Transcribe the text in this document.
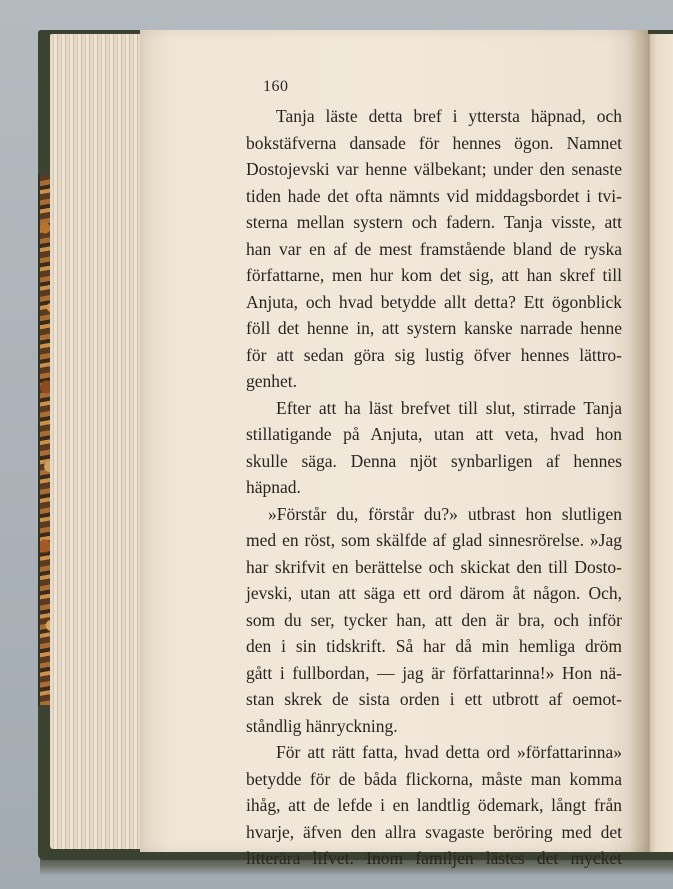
160
Tanja läste detta bref i yttersta häpnad, och
bokstäfverna dansade för hennes ögon. Namnet
Dostojevski var henne välbekant; under den senaste
tiden hade det ofta nämnts vid middagsbordet i tvi-
sterna mellan systern och fadern. Tanja visste, att
han var en af de mest framstående bland de ryska
författarne, men hur kom det sig, att han skref till
Anjuta, och hvad betydde allt detta? Ett ögonblick
föll det henne in, att systern kanske narrade henne
för att sedan göra sig lustig öfver hennes lättro-
genhet.
Efter att ha läst brefvet till slut, stirrade Tanja
stillatigande på Anjuta, utan att veta, hvad hon
skulle säga. Denna njöt synbarligen af hennes
häpnad.
»Förstår du, förstår du?» utbrast hon slutligen
med en röst, som skälfde af glad sinnesrörelse. »Jag
har skrifvit en berättelse och skickat den till Dosto-
jevski, utan att säga ett ord därom åt någon. Och,
som du ser, tycker han, att den är bra, och inför
den i sin tidskrift. Så har då min hemliga dröm
gått i fullbordan, — jag är författarinna!» Hon nä-
stan skrek de sista orden i ett utbrott af oemot-
ståndlig hänryckning.
För att rätt fatta, hvad detta ord »författarinna»
betydde för de båda flickorna, måste man komma
ihåg, att de lefde i en landtlig ödemark, långt från
hvarje, äfven den allra svagaste beröring med det
litterära lifvet. Inom familjen lästes det mycket
